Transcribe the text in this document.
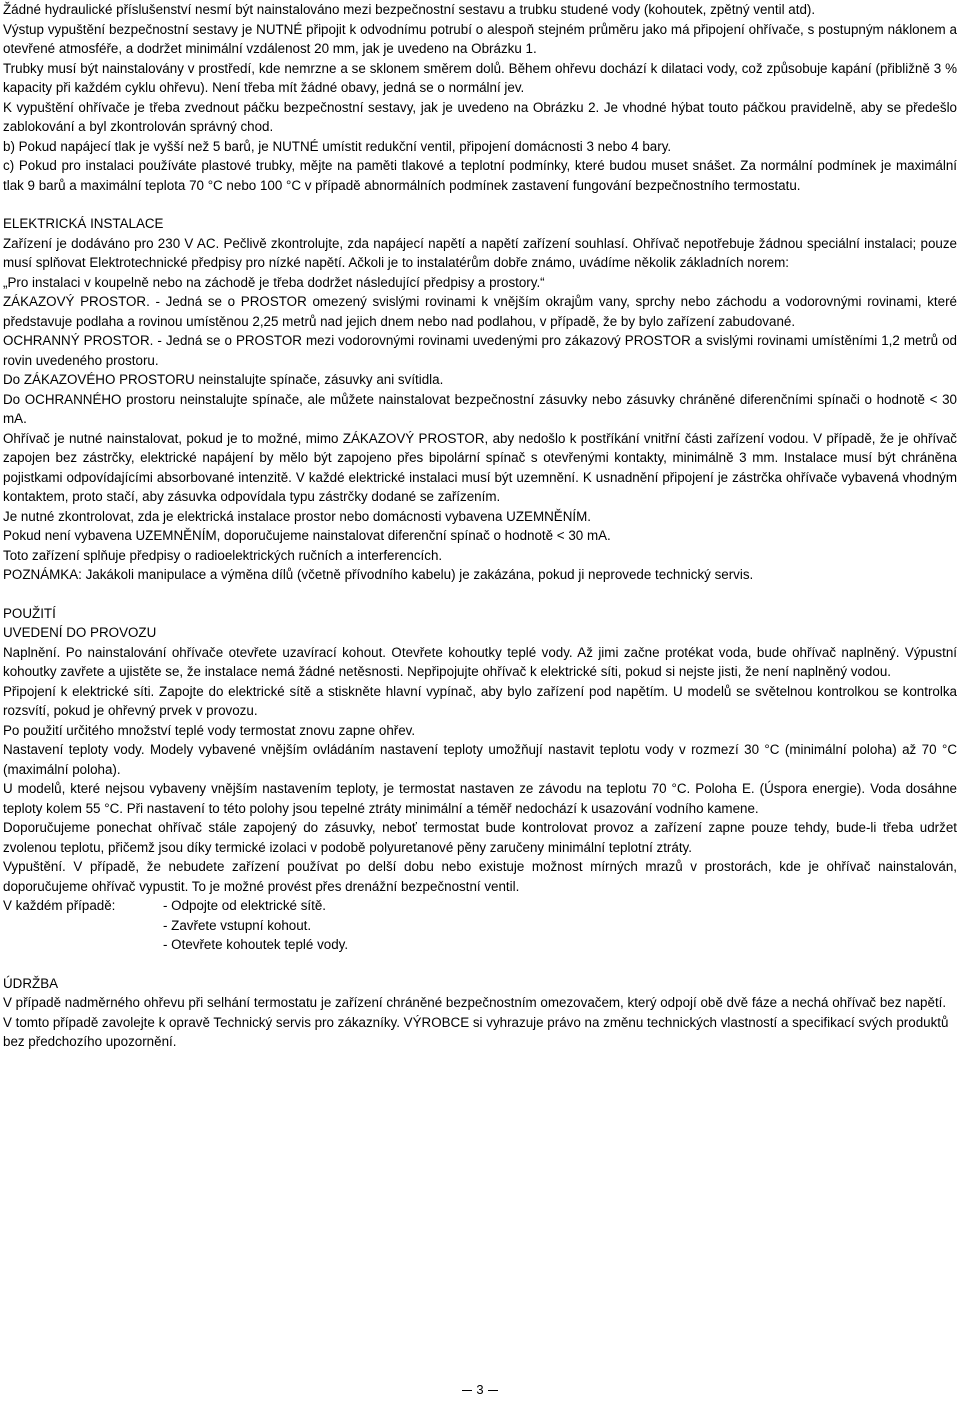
Žádné hydraulické příslušenství nesmí být nainstalováno mezi bezpečnostní sestavu a trubku studené vody (kohoutek, zpětný ventil atd).

Výstup vypuštění bezpečnostní sestavy je NUTNÉ připojit k odvodnímu potrubí o alespoň stejném průměru jako má připojení ohřívače, s postupným náklonem a otevřené atmosféře, a dodržet minimální vzdálenost 20 mm, jak je uvedeno na Obrázku 1.

Trubky musí být nainstalovány v prostředí, kde nemrzne a se sklonem směrem dolů. Během ohřevu dochází k dilataci vody, což způsobuje kapání (přibližně 3 % kapacity při každém cyklu ohřevu). Není třeba mít žádné obavy, jedná se o normální jev.

K vypuštění ohřívače je třeba zvednout páčku bezpečnostní sestavy, jak je uvedeno na Obrázku 2. Je vhodné hýbat touto páčkou pravidelně, aby se předešlo zablokování a byl zkontrolován správný chod.

b) Pokud napájecí tlak je vyšší než 5 barů, je NUTNÉ umístit redukční ventil, připojení domácnosti 3 nebo 4 bary.

c) Pokud pro instalaci používáte plastové trubky, mějte na paměti tlakové a teplotní podmínky, které budou muset snášet. Za normální podmínek je maximální tlak 9 barů a maximální teplota 70 °C nebo 100 °C v případě abnormálních podmínek zastavení fungování bezpečnostního termostatu.

ELEKTRICKÁ INSTALACE

Zařízení je dodáváno pro 230 V AC. Pečlivě zkontrolujte, zda napájecí napětí a napětí zařízení souhlasí. Ohřívač nepotřebuje žádnou speciální instalaci; pouze musí splňovat Elektrotechnické předpisy pro nízké napětí. Ačkoli je to instalatérům dobře známo, uvádíme několik základních norem:

„Pro instalaci v koupelně nebo na záchodě je třeba dodržet následující předpisy a prostory.“

ZÁKAZOVÝ PROSTOR. - Jedná se o PROSTOR omezený svislými rovinami k vnějším okrajům vany, sprchy nebo záchodu a vodorovnými rovinami, které představuje podlaha a rovinou umístěnou 2,25 metrů nad jejich dnem nebo nad podlahou, v případě, že by bylo zařízení zabudované.

OCHRANNÝ PROSTOR. - Jedná se o PROSTOR mezi vodorovnými rovinami uvedenými pro zákazový PROSTOR a svislými rovinami umístěními 1,2 metrů od rovin uvedeného prostoru.

Do ZÁKAZOVÉHO PROSTORU neinstalujte spínače, zásuvky ani svítidla.

Do OCHRANNÉHO prostoru neinstalujte spínače, ale můžete nainstalovat bezpečnostní zásuvky nebo zásuvky chráněné diferenčními spínači o hodnotě < 30 mA.

Ohřívač je nutné nainstalovat, pokud je to možné, mimo ZÁKAZOVÝ PROSTOR, aby nedošlo k postříkání vnitřní části zařízení vodou. V případě, že je ohřívač zapojen bez zástrčky, elektrické napájení by mělo být zapojeno přes bipolární spínač s otevřenými kontakty, minimálně 3 mm. Instalace musí být chráněna pojistkami odpovídajícími absorbované intenzitě. V každé elektrické instalaci musí být uzemnění. K usnadnění připojení je zástrčka ohřívače vybavená vhodným kontaktem, proto stačí, aby zásuvka odpovídala typu zástrčky dodané se zařízením.

Je nutné zkontrolovat, zda je elektrická instalace prostor nebo domácnosti vybavena UZEMNĚNÍM.

Pokud není vybavena UZEMNĚNÍM, doporučujeme nainstalovat diferenční spínač o hodnotě < 30 mA.

Toto zařízení splňuje předpisy o radioelektrických ručních a interferencích.

POZNÁMKA: Jakákoli manipulace a výměna dílů (včetně přívodního kabelu) je zakázána, pokud ji neprovede technický servis.

POUŽITÍ
UVEDENÍ DO PROVOZU

Naplnění. Po nainstalování ohřívače otevřete uzavírací kohout. Otevřete kohoutky teplé vody. Až jimi začne protékat voda, bude ohřívač naplněný. Výpustní kohoutky zavřete a ujistěte se, že instalace nemá žádné netěsnosti. Nepřipojujte ohřívač k elektrické síti, pokud si nejste jisti, že není naplněný vodou.

Připojení k elektrické síti. Zapojte do elektrické sítě a stiskněte hlavní vypínač, aby bylo zařízení pod napětím. U modelů se světelnou kontrolkou se kontrolka rozsvítí, pokud je ohřevný prvek v provozu.

Po použití určitého množství teplé vody termostat znovu zapne ohřev.

Nastavení teploty vody. Modely vybavené vnějším ovládáním nastavení teploty umožňují nastavit teplotu vody v rozmezí 30 °C (minimální poloha) až 70 °C (maximální poloha).

U modelů, které nejsou vybaveny vnějším nastavením teploty, je termostat nastaven ze závodu na teplotu 70 °C. Poloha E. (Úspora energie). Voda dosáhne teploty kolem 55 °C. Při nastavení to této polohy jsou tepelné ztráty minimální a téměř nedochází k usazování vodního kamene.

Doporučujeme ponechat ohřívač stále zapojený do zásuvky, neboť termostat bude kontrolovat provoz a zařízení zapne pouze tehdy, bude-li třeba udržet zvolenou teplotu, přičemž jsou díky termické izolaci v podobě polyuretanové pěny zaručeny minimální teplotní ztráty.

Vypuštění. V případě, že nebudete zařízení používat po delší dobu nebo existuje možnost mírných mrazů v prostorách, kde je ohřívač nainstalován, doporučujeme ohřívač vypustit. To je možné provést přes drenážní bezpečnostní ventil.

V každém případě:	- Odpojte od elektrické sítě.
- Zavřete vstupní kohout.
- Otevřete kohoutek teplé vody.
ÚDRŽBA

V případě nadměrného ohřevu při selhání termostatu je zařízení chráněné bezpečnostním omezovačem, který odpojí obě dvě fáze a nechá ohřívač bez napětí. V tomto případě zavolejte k opravě Technický servis pro zákazníky. VÝROBCE si vyhrazuje právo na změnu technických vlastností a specifikací svých produktů bez předchozího upozornění.

3
